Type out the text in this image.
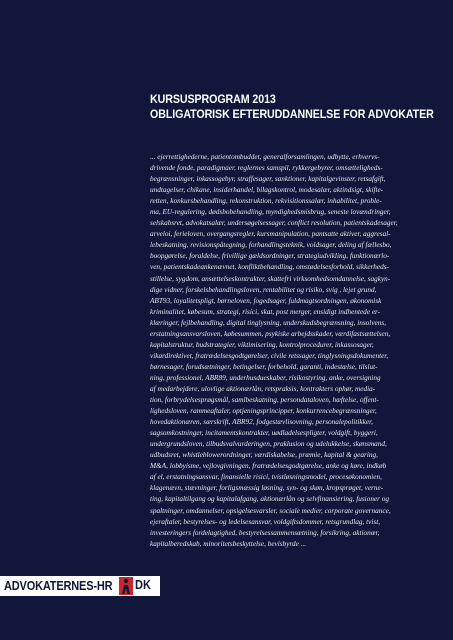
KURSUSPROGRAM 2013
OBLIGATORISK EFTERUDDANNELSE FOR ADVOKATER
... ejerrettighederne, patientombuddet, generalforsamlingen, udbytte, erhvervs-
drivende fonde, paradigmaer, reglernes samspil, rykkergebyrer, omsætteligheds-
begrænsninger, inkassogebyr, straffesager, sanktioner, kapitalgevinster, retsafgift,
undtagelser, chikane, insiderhandel, bilagskontrol, modesalær, aktindsigt, skifte-
retten, konkursbehandling, rekonstruktion, rekvisitionssalær, inhabilitet, proble-
ma, EU-regulering, dødsbobehandling, myndighedsmisbrug, seneste lovændringer,
selskabsret, advokatsalær, undersøgelsessager, conflict resolution, patientskadesager,
arveloi, ferieloven, overgangsregler, kursmanipulation, pantsatte aktiver, aggresal-
lebeskatning, revisionspåtegning, forhandlingsteknik, voldsager, deling af fællesbo,
boopgørelse, foraldelse, frivillige gældsordninger, strategiudvikling, funktionærlo-
ven, patientskadeankenævnet, konfliktbehandling, omstødelsesforhold, sikkerheds-
stillelse, sygdom, ansættelseskontrakter, skattefri virksomhedsomdannelse, sagkyn-
dige vidner, forskelsbehandlingsloven, rentabilitet og risiko, svig , lejet grund,
ABT93, loyalitetspligt, børneloven, fogedsager, fuldmagtsordningen, økonomisk
kriminalitet, købesum, strategi, risici, skat, post merger, ensidigt indhentede er-
klæringer, fejlbehandling, digital tinglysning, underskudsbegrænsning, insolvens,
erstatningsansvarsloven, købesummen, psykiske arbejdsskader, værdifastsættelsen,
kapitalstruktur, budstrategier, viktimisering, kontrolprocedurer, inkassosager,
vikardirektivet, fratrædelsesgodtgørelser, civile retssager, tinglysningsdokumenter,
børnesager, forudsætninger, betingelser, forbehold, garanti, indestælse, tilslut-
ning, professionel, ABR89, underhusdueskaber, risikostyring, anke, oversigning
af medarbejdere, ulovlige aktionærlån, retspraksis, kontrakters ophør, media-
tion, forbrydelsesprøgsmål, samlbeskatning, persondataloven, hæftelse, offent-
lighedsloven, rammeaftaler, optjeningsprincipper, konkurrencebegrænsninger,
hovedaktionæren, særskrift, ABR92, fodgestævlisovning, personalepolitikker,
sagsomkostninger, incitamentskontrakter, uødladelsespligter, voldgift, byggeri,
undergrundsloven, tilbudsvalvurderingen, praklusion og udelukkelse, skønsmand,
udbudsret, whistleblowerordninger, værdiskabelse, præmie, kapital & gearing,
M&A, lobbyisme, vejlovgivningen, fratrædelsesgodtgørelse, anke og køre, indkøb
af el, erstatningsansvar, finansielle risici, tvistløsningsmodel, procesøkonomien,
klagenævn, stævninger, forligsmæssig løsning, syn- og skøn, kropsprøget, verne-
ting, kapitaltilgang og kapitalafgang, aktionærlån og selvfinansiering, fusioner og
spaltninger, omdannelser, opsigelsesvarsler, sociale medier, corporate governance,
ejeraftaler, bestyrelses- og ledelsesansvar, voldgiftsdommer, retsgrundlag, tvist,
investeringers fordelagtighed, bestyrelsessammensætning, forsikring, aktionær,
kapitalberedskab, minoritetsbeskyttelse, bevisbyrde ...
ADVOKATERNES-HR DK
